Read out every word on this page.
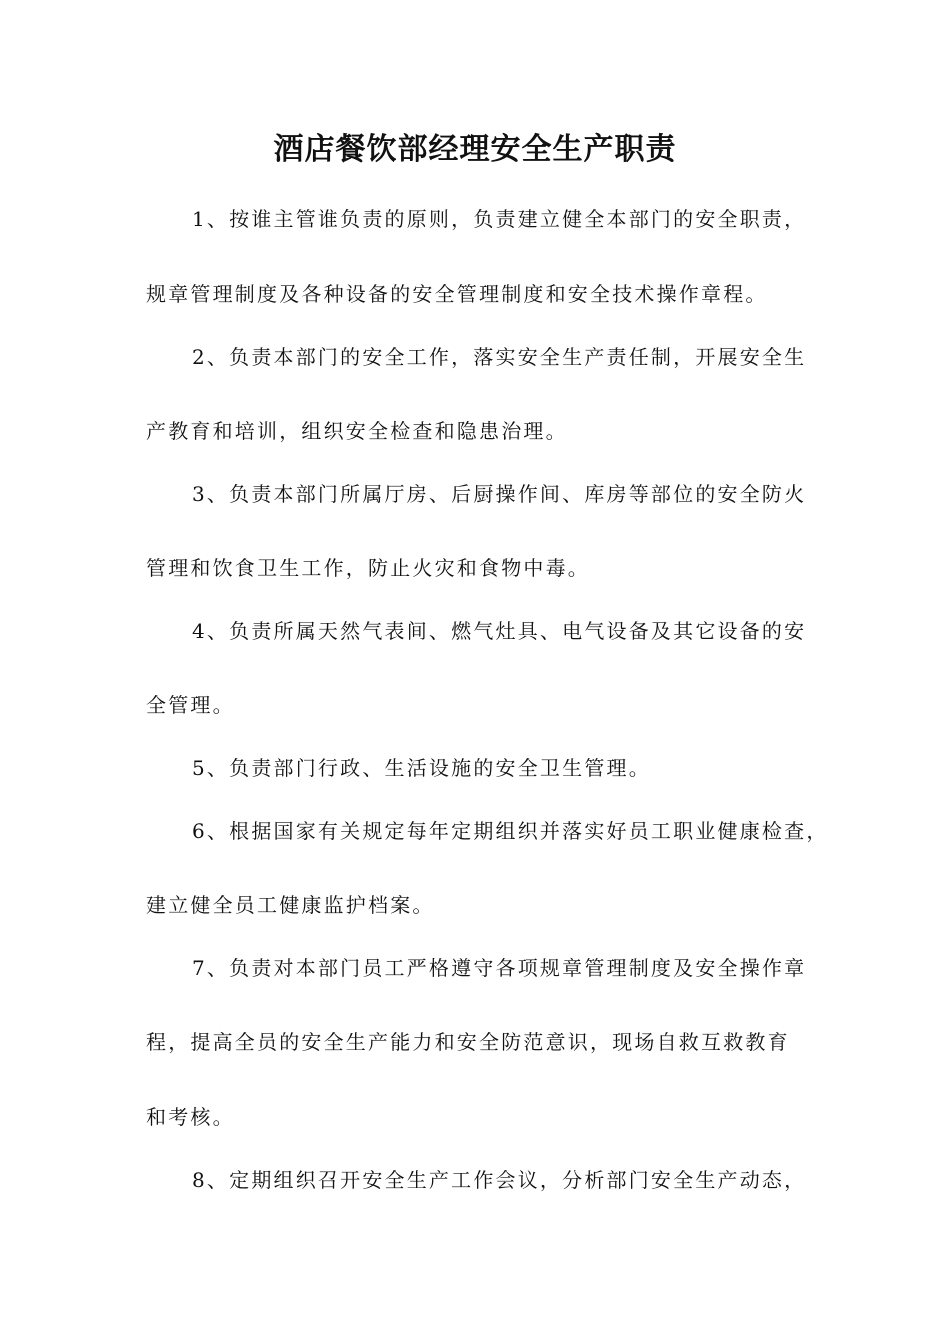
酒店餐饮部经理安全生产职责
1、按谁主管谁负责的原则，负责建立健全本部门的安全职责，
规章管理制度及各种设备的安全管理制度和安全技术操作章程。
2、负责本部门的安全工作，落实安全生产责任制，开展安全生
产教育和培训，组织安全检查和隐患治理。
3、负责本部门所属厅房、后厨操作间、库房等部位的安全防火
管理和饮食卫生工作，防止火灾和食物中毒。
4、负责所属天然气表间、燃气灶具、电气设备及其它设备的安
全管理。
5、负责部门行政、生活设施的安全卫生管理。
6、根据国家有关规定每年定期组织并落实好员工职业健康检查，
建立健全员工健康监护档案。
7、负责对本部门员工严格遵守各项规章管理制度及安全操作章
程，提高全员的安全生产能力和安全防范意识，现场自救互救教育
和考核。
8、定期组织召开安全生产工作会议，分析部门安全生产动态，
